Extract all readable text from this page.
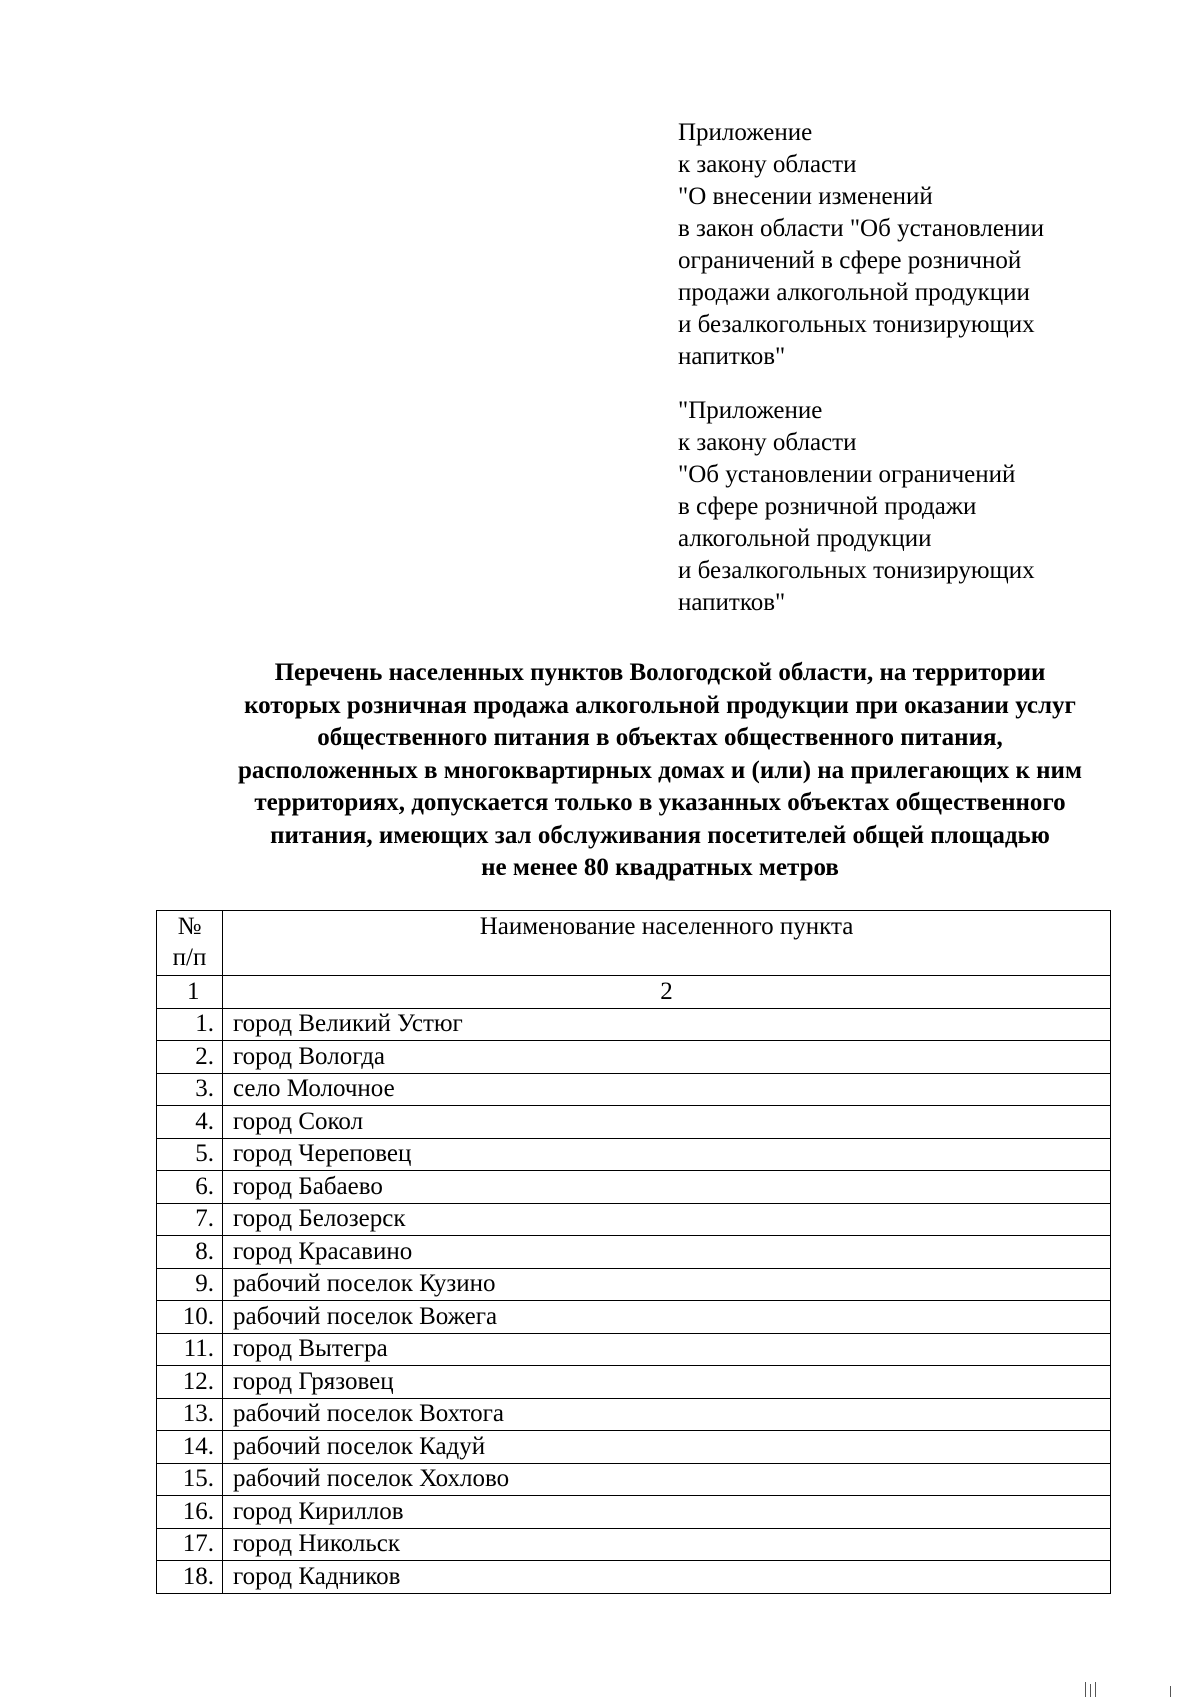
Приложение
к закону области
"О внесении изменений
в закон области "Об установлении
ограничений в сфере розничной
продажи алкогольной продукции
и безалкогольных тонизирующих
напитков"
"Приложение
к закону области
"Об установлении ограничений
в сфере розничной продажи
алкогольной продукции
и безалкогольных тонизирующих
напитков"
Перечень населенных пунктов Вологодской области, на территории
которых розничная продажа алкогольной продукции при оказании услуг
общественного питания в объектах общественного питания,
расположенных в многоквартирных домах и (или) на прилегающих к ним
территориях, допускается только в указанных объектах общественного
питания, имеющих зал обслуживания посетителей общей площадью
не менее 80 квадратных метров
№
п/п	Наименование населенного пункта
1	2
1.	город Великий Устюг
2.	город Вологда
3.	село Молочное
4.	город Сокол
5.	город Череповец
6.	город Бабаево
7.	город Белозерск
8.	город Красавино
9.	рабочий поселок Кузино
10.	рабочий поселок Вожега
11.	город Вытегра
12.	город Грязовец
13.	рабочий поселок Вохтога
14.	рабочий поселок Кадуй
15.	рабочий поселок Хохлово
16.	город Кириллов
17.	город Никольск
18.	город Кадников
